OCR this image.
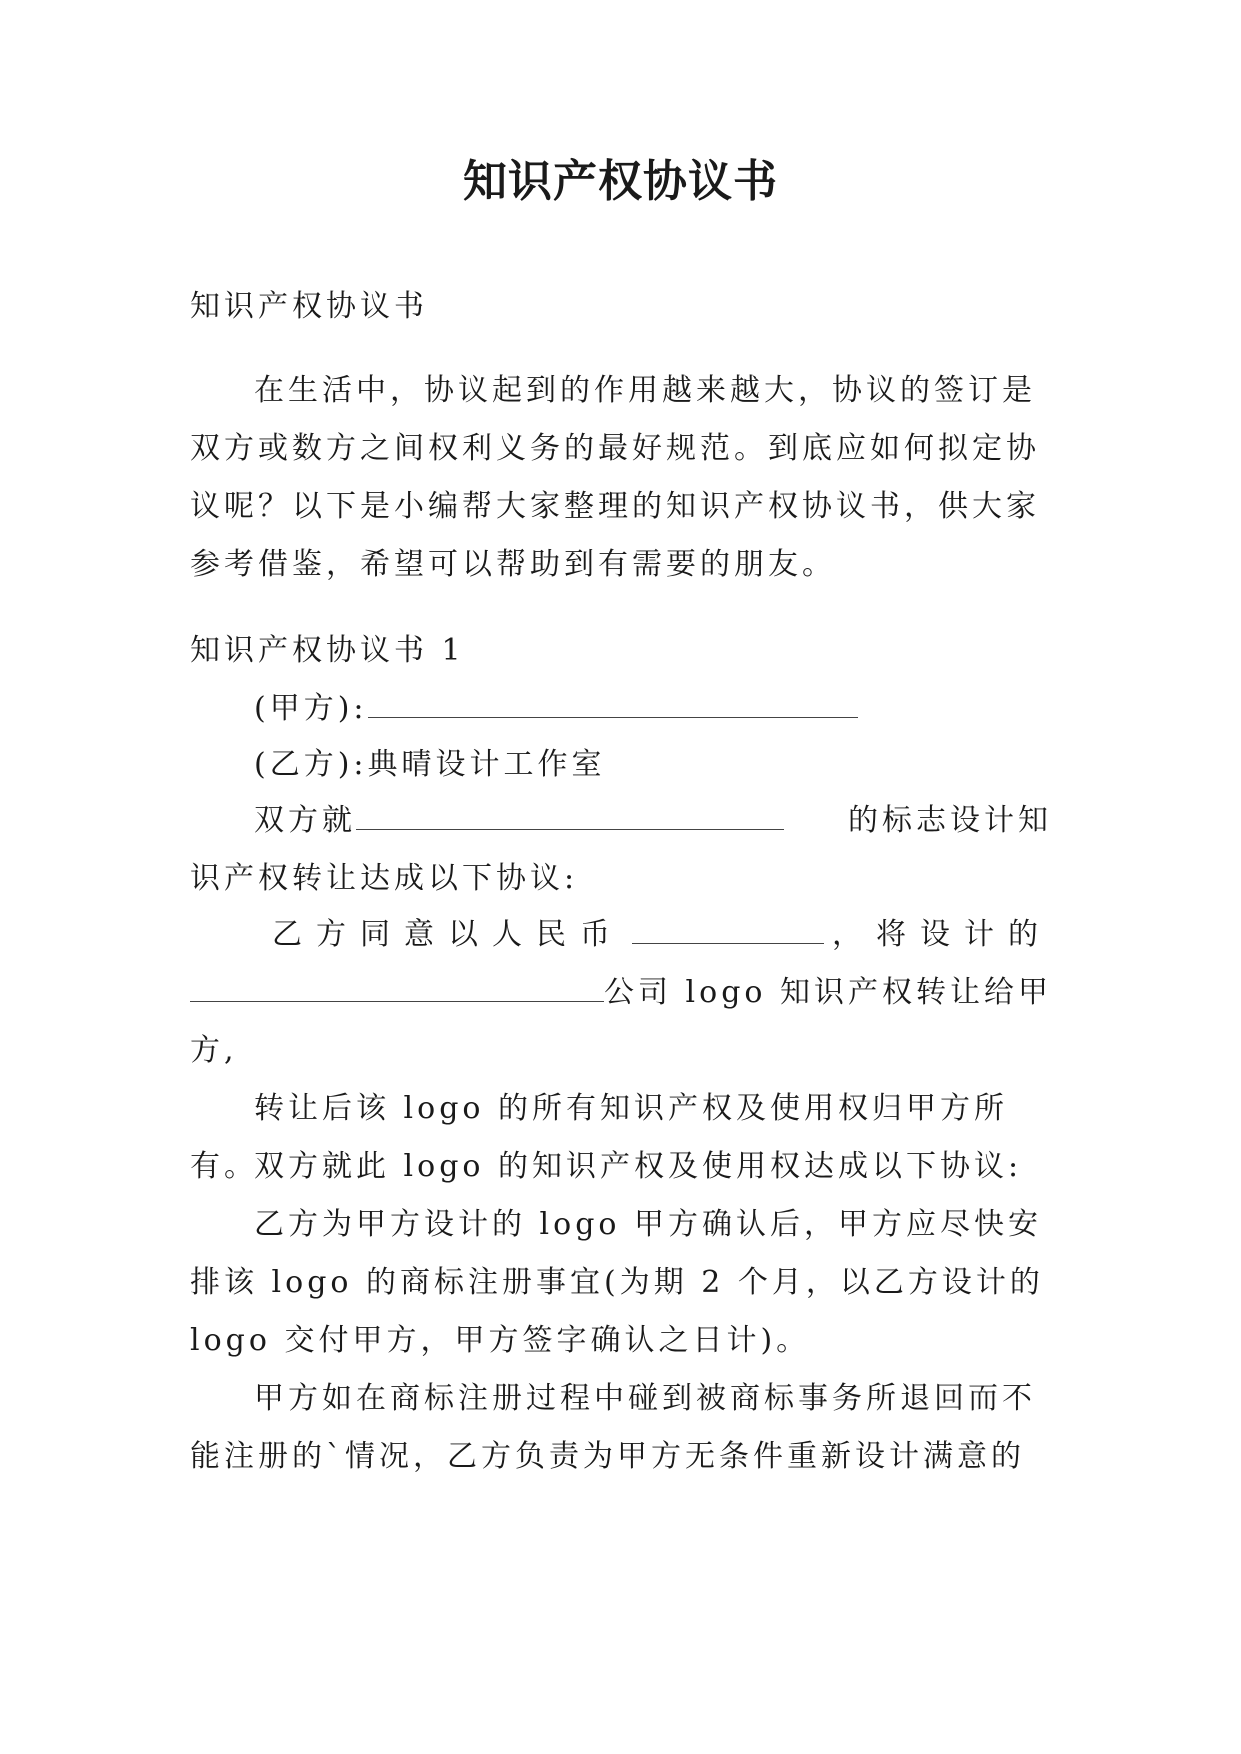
知识产权协议书

知识产权协议书

在生活中，协议起到的作用越来越大，协议的签订是双方或数方之间权利义务的最好规范。到底应如何拟定协议呢？以下是小编帮大家整理的知识产权协议书，供大家参考借鉴，希望可以帮助到有需要的朋友。

知识产权协议书 1

(甲方):

(乙方):典晴设计工作室

双方就	的标志设计知

识产权转让达成以下协议:

乙方同意以人民币	，将设计的
公司 logo 知识产权转让给甲

方,

转让后该 logo 的所有知识产权及使用权归甲方所有。

双方就此 logo 的知识产权及使用权达成以下协议:

乙方为甲方设计的 logo 甲方确认后，甲方应尽快安排该 logo 的商标注册事宜(为期 2 个月，以乙方设计的 logo 交付甲方，甲方签字确认之日计)。

甲方如在商标注册过程中碰到被商标事务所退回而不能注册的`情况，乙方负责为甲方无条件重新设计满意的
